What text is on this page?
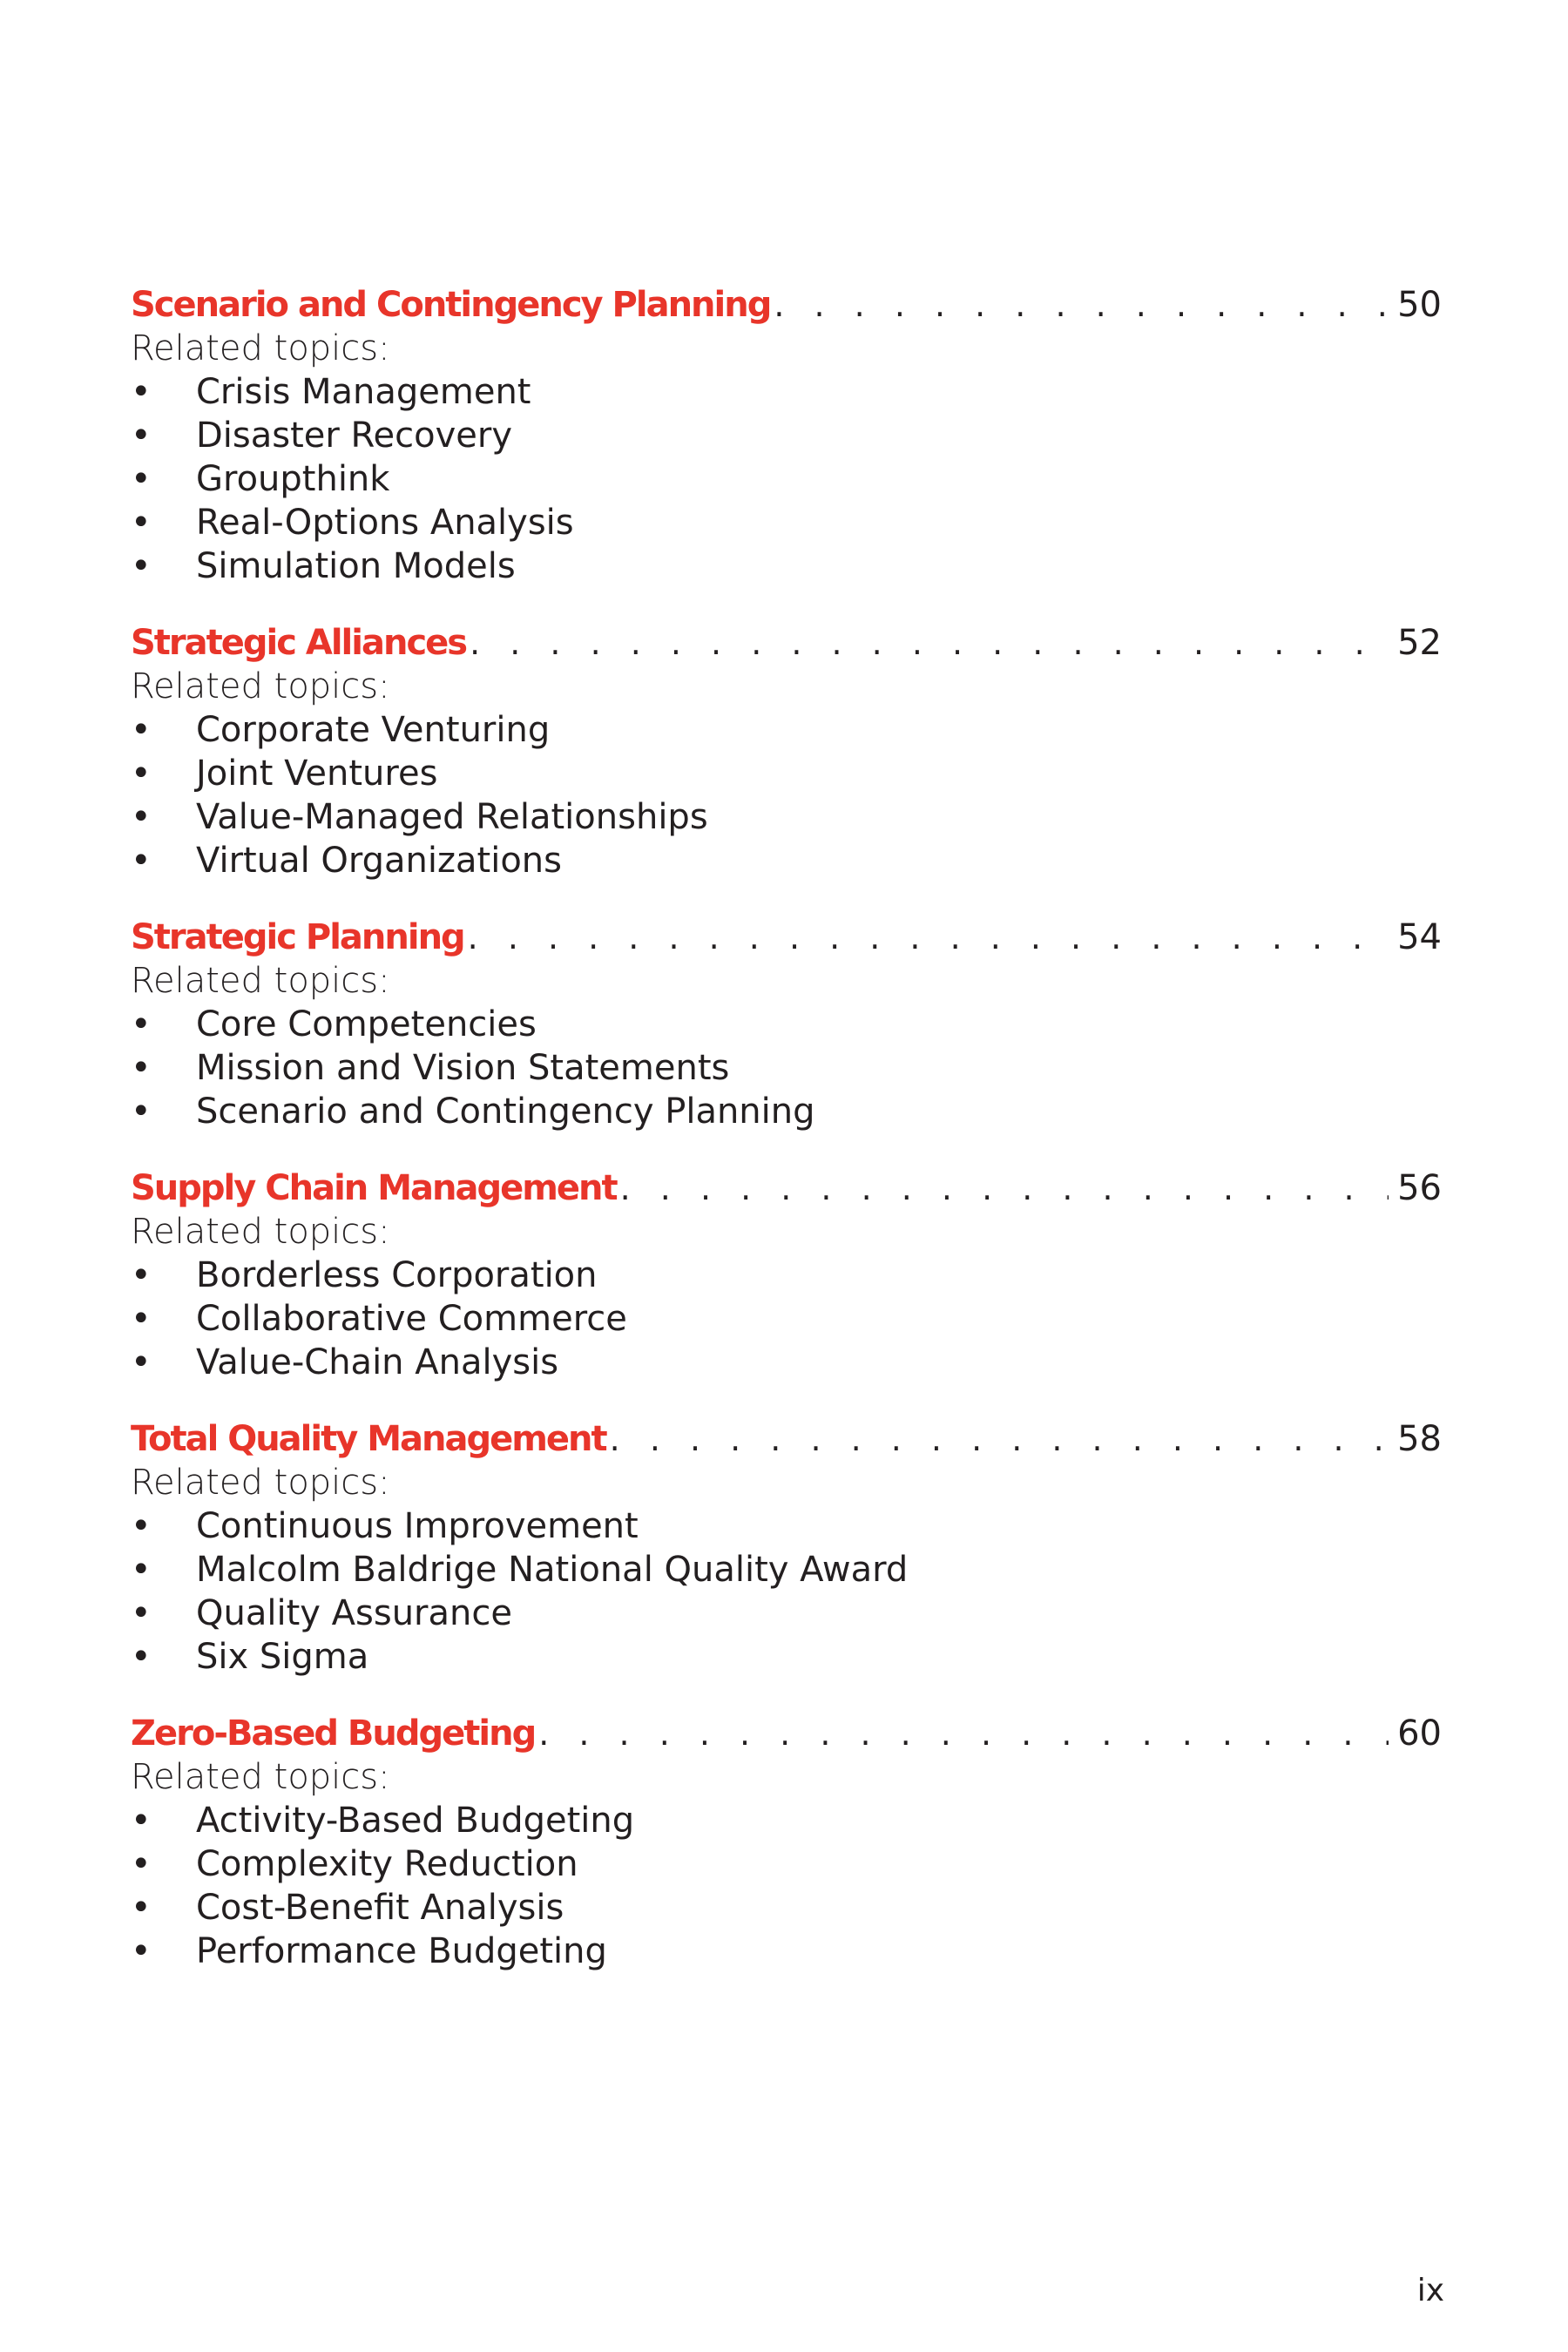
Scenario and Contingency Planning . . .	50
Related topics:
• Crisis Management
• Disaster Recovery
• Groupthink
• Real-Options Analysis
• Simulation Models
Strategic Alliances . . .	52
Related topics:
• Corporate Venturing
• Joint Ventures
• Value-Managed Relationships
• Virtual Organizations
Strategic Planning . . .	54
Related topics:
• Core Competencies
• Mission and Vision Statements
• Scenario and Contingency Planning
Supply Chain Management . . .	56
Related topics:
• Borderless Corporation
• Collaborative Commerce
• Value-Chain Analysis
Total Quality Management . . .	58
Related topics:
• Continuous Improvement
• Malcolm Baldrige National Quality Award
• Quality Assurance
• Six Sigma
Zero-Based Budgeting . . .	60
Related topics:
• Activity-Based Budgeting
• Complexity Reduction
• Cost-Benefit Analysis
• Performance Budgeting
ix
